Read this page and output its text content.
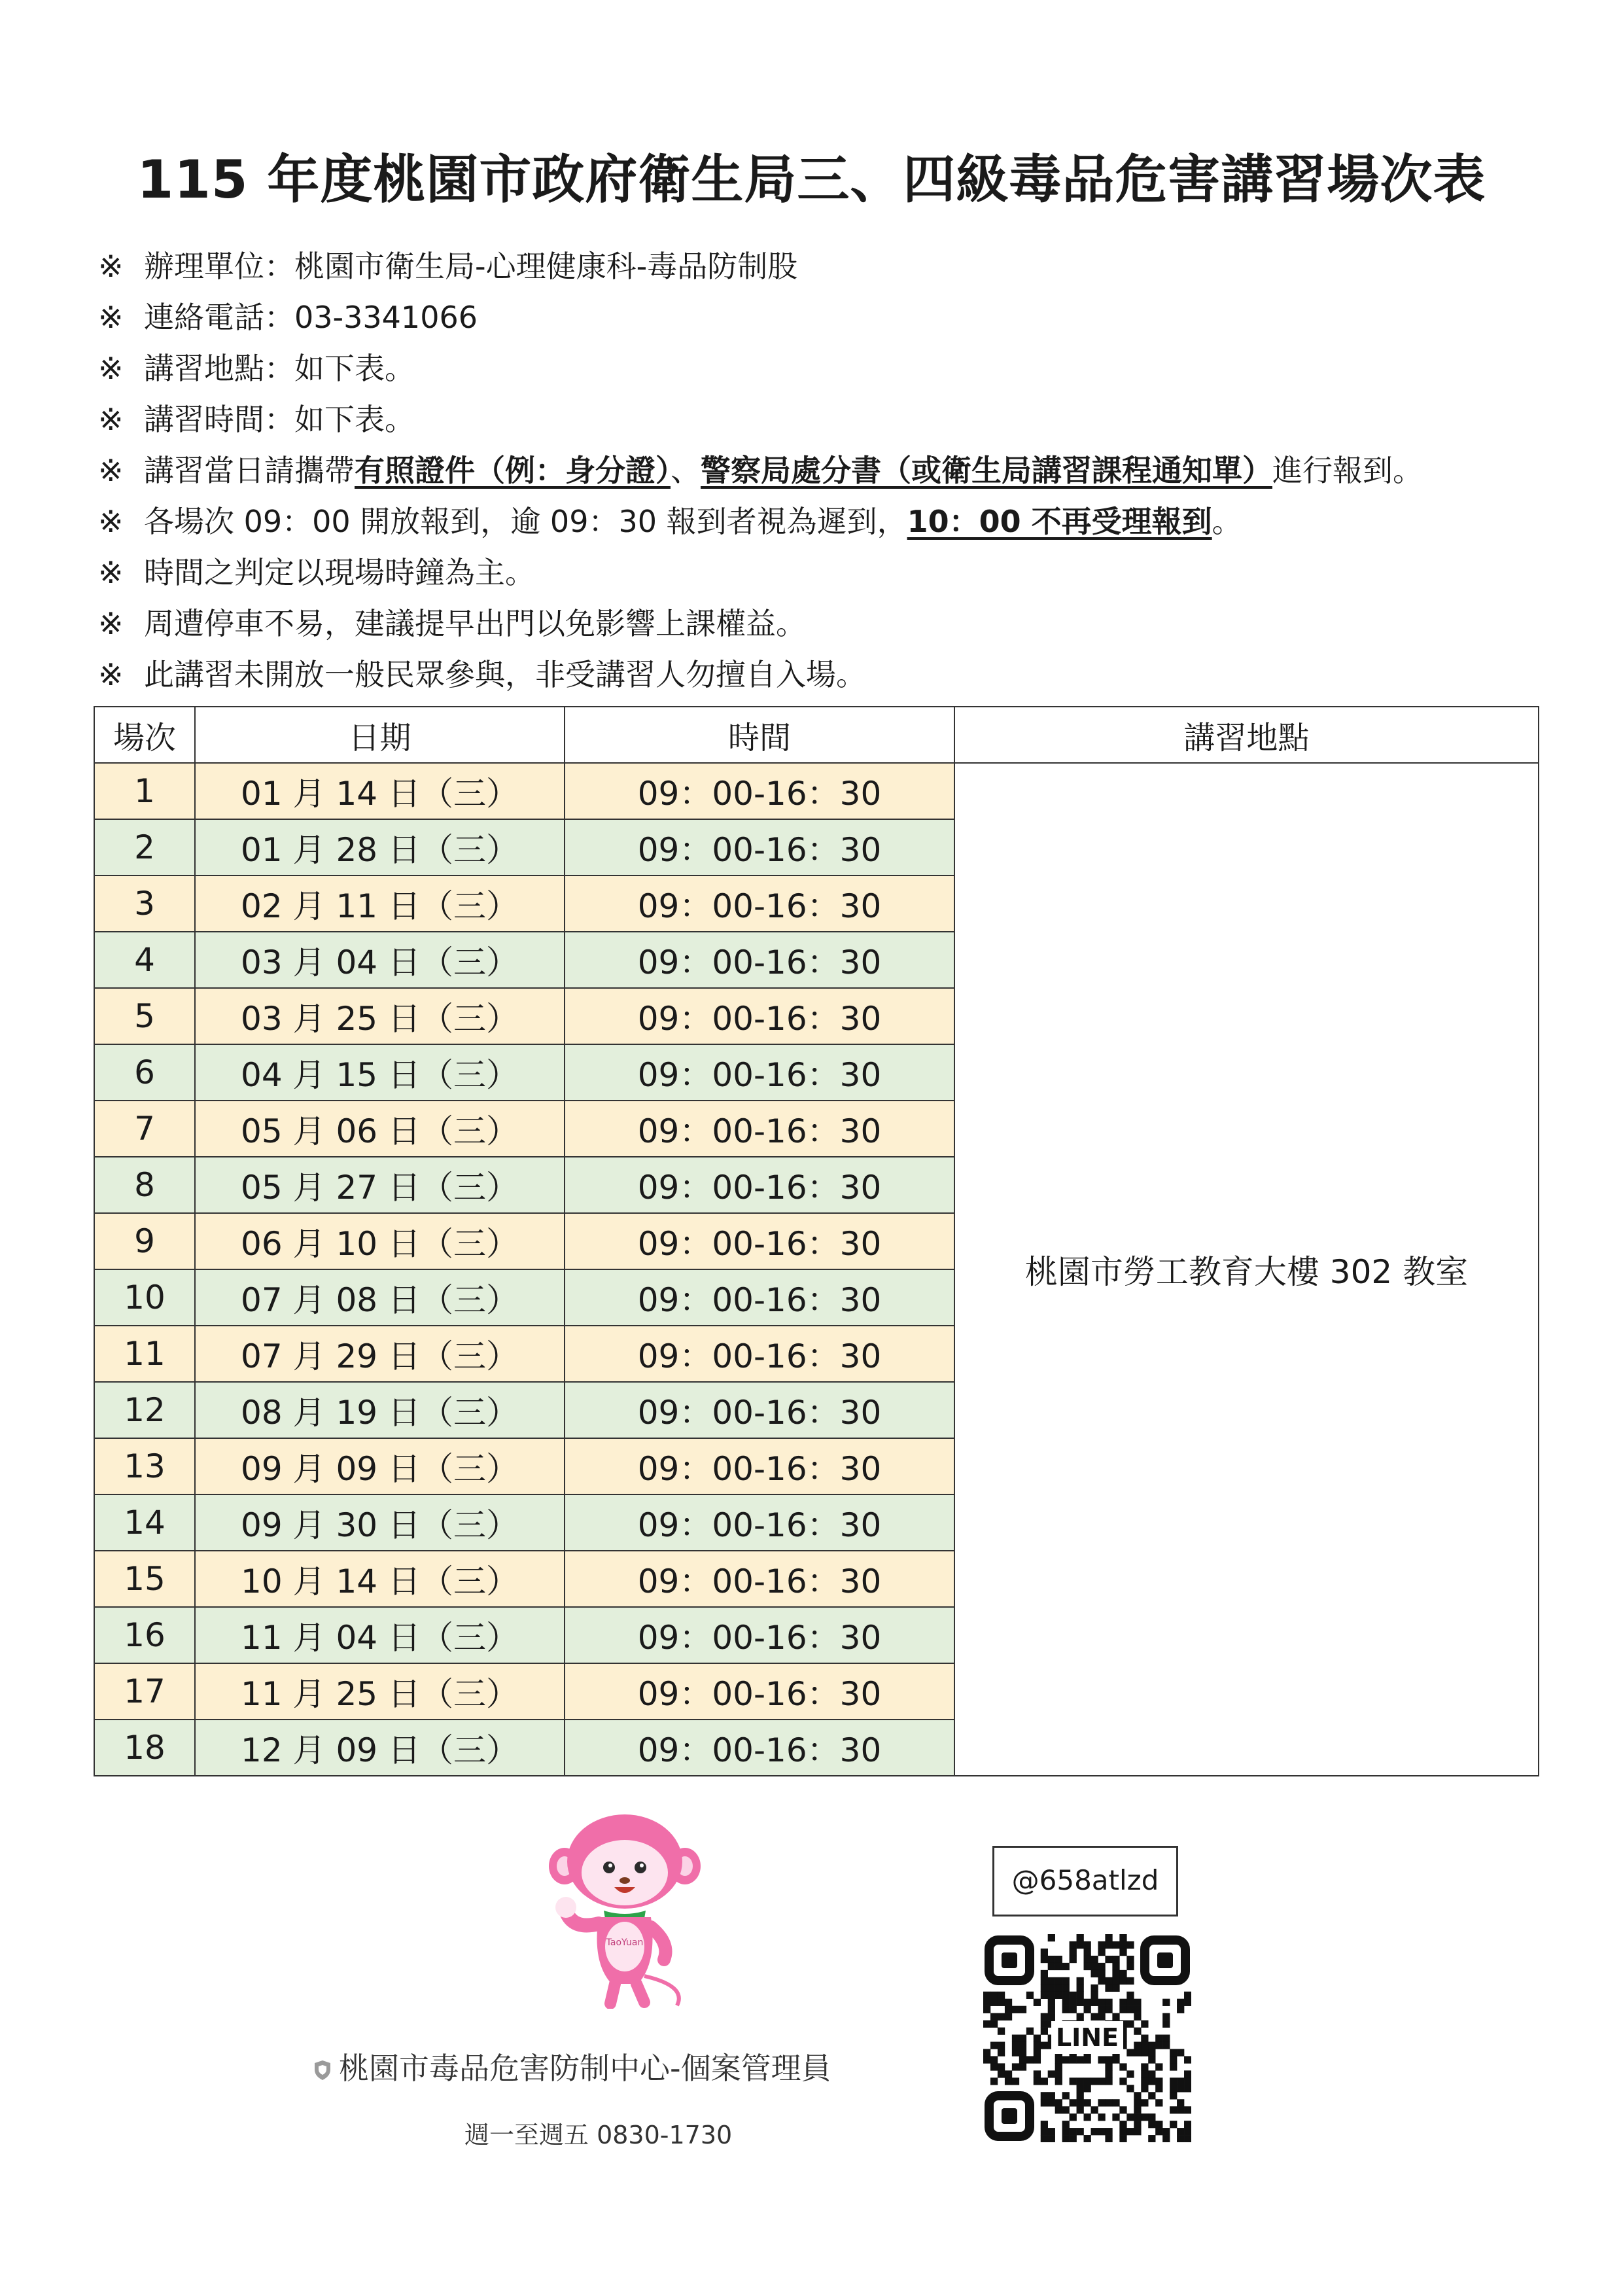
115 年度桃園市政府衛生局三、四級毒品危害講習場次表
※ 辦理單位：桃園市衛生局-心理健康科-毒品防制股
※ 連絡電話：03-3341066
※ 講習地點：如下表。
※ 講習時間：如下表。
※ 講習當日請攜帶有照證件（例：身分證）、警察局處分書（或衛生局講習課程通知單）進行報到。
※ 各場次 09：00 開放報到，逾 09：30 報到者視為遲到，10：00 不再受理報到。
※ 時間之判定以現場時鐘為主。
※ 周遭停車不易，建議提早出門以免影響上課權益。
※ 此講習未開放一般民眾參與，非受講習人勿擅自入場。
場次	日期	時間	講習地點
1	01 月 14 日（三）	09：00-16：30	桃園市勞工教育大樓 302 教室
2	01 月 28 日（三）	09：00-16：30	
3	02 月 11 日（三）	09：00-16：30	
4	03 月 04 日（三）	09：00-16：30	
5	03 月 25 日（三）	09：00-16：30	
6	04 月 15 日（三）	09：00-16：30	
7	05 月 06 日（三）	09：00-16：30	
8	05 月 27 日（三）	09：00-16：30	
9	06 月 10 日（三）	09：00-16：30	
10	07 月 08 日（三）	09：00-16：30	
11	07 月 29 日（三）	09：00-16：30	
12	08 月 19 日（三）	09：00-16：30	
13	09 月 09 日（三）	09：00-16：30	
14	09 月 30 日（三）	09：00-16：30	
15	10 月 14 日（三）	09：00-16：30	
16	11 月 04 日（三）	09：00-16：30	
17	11 月 25 日（三）	09：00-16：30	
18	12 月 09 日（三）	09：00-16：30	
TaoYuan
桃園市毒品危害防制中心-個案管理員
週一至週五 0830-1730
@658atlzd
LINE
